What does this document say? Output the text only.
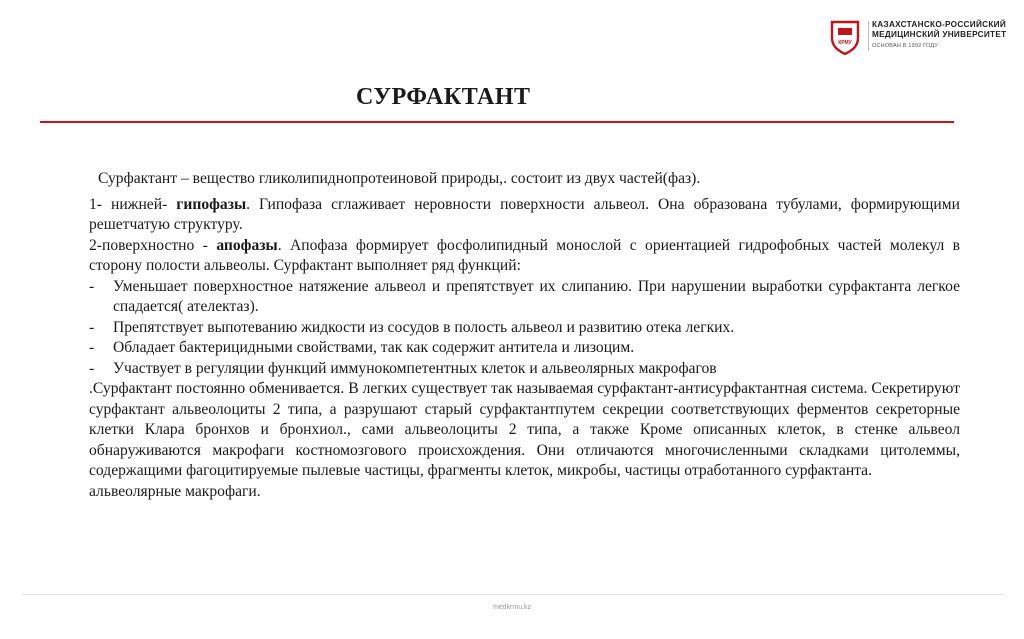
КРМУ
КАЗАХСТАНСКО-РОССИЙСКИЙ
МЕДИЦИНСКИЙ УНИВЕРСИТЕТ
ОСНОВАН В 1992 ГОДУ
СУРФАКТАНТ
Сурфактант – вещество гликолипиднопротеиновой природы,. состоит из двух частей(фаз).
1- нижней- гипофазы. Гипофаза сглаживает неровности поверхности альвеол. Она образована тубулами, формирующими решетчатую структуру.
2-поверхностно - апофазы. Апофаза формирует фосфолипидный монослой с ориентацией гидрофобных частей молекул в сторону полости альвеолы. Сурфактант выполняет ряд функций:
-	Уменьшает поверхностное натяжение альвеол и препятствует их слипанию. При нарушении выработки сурфактанта легкое спадается( ателектаз).
-	Препятствует выпотеванию жидкости из сосудов в полость альвеол и развитию отека легких.
-	Обладает бактерицидными свойствами, так как содержит антитела и лизоцим.
-	Участвует в регуляции функций иммунокомпетентных клеток и альвеолярных макрофагов
.Сурфактант постоянно обменивается. В легких существует так называемая сурфактант-антисурфактантная система. Секретируют сурфактант альвеолоциты 2 типа, а разрушают старый сурфактантпутем секреции соответствующих ферментов секреторные клетки Клара бронхов и бронхиол., сами альвеолоциты 2 типа, а также Кроме описанных клеток, в стенке альвеол обнаруживаются макрофаги костномозгового происхождения. Они отличаются многочисленными складками цитолеммы, содержащими фагоцитируемые пылевые частицы, фрагменты клеток, микробы, частицы отработанного сурфактанта.
альвеолярные макрофаги.
medkrmu.kz
